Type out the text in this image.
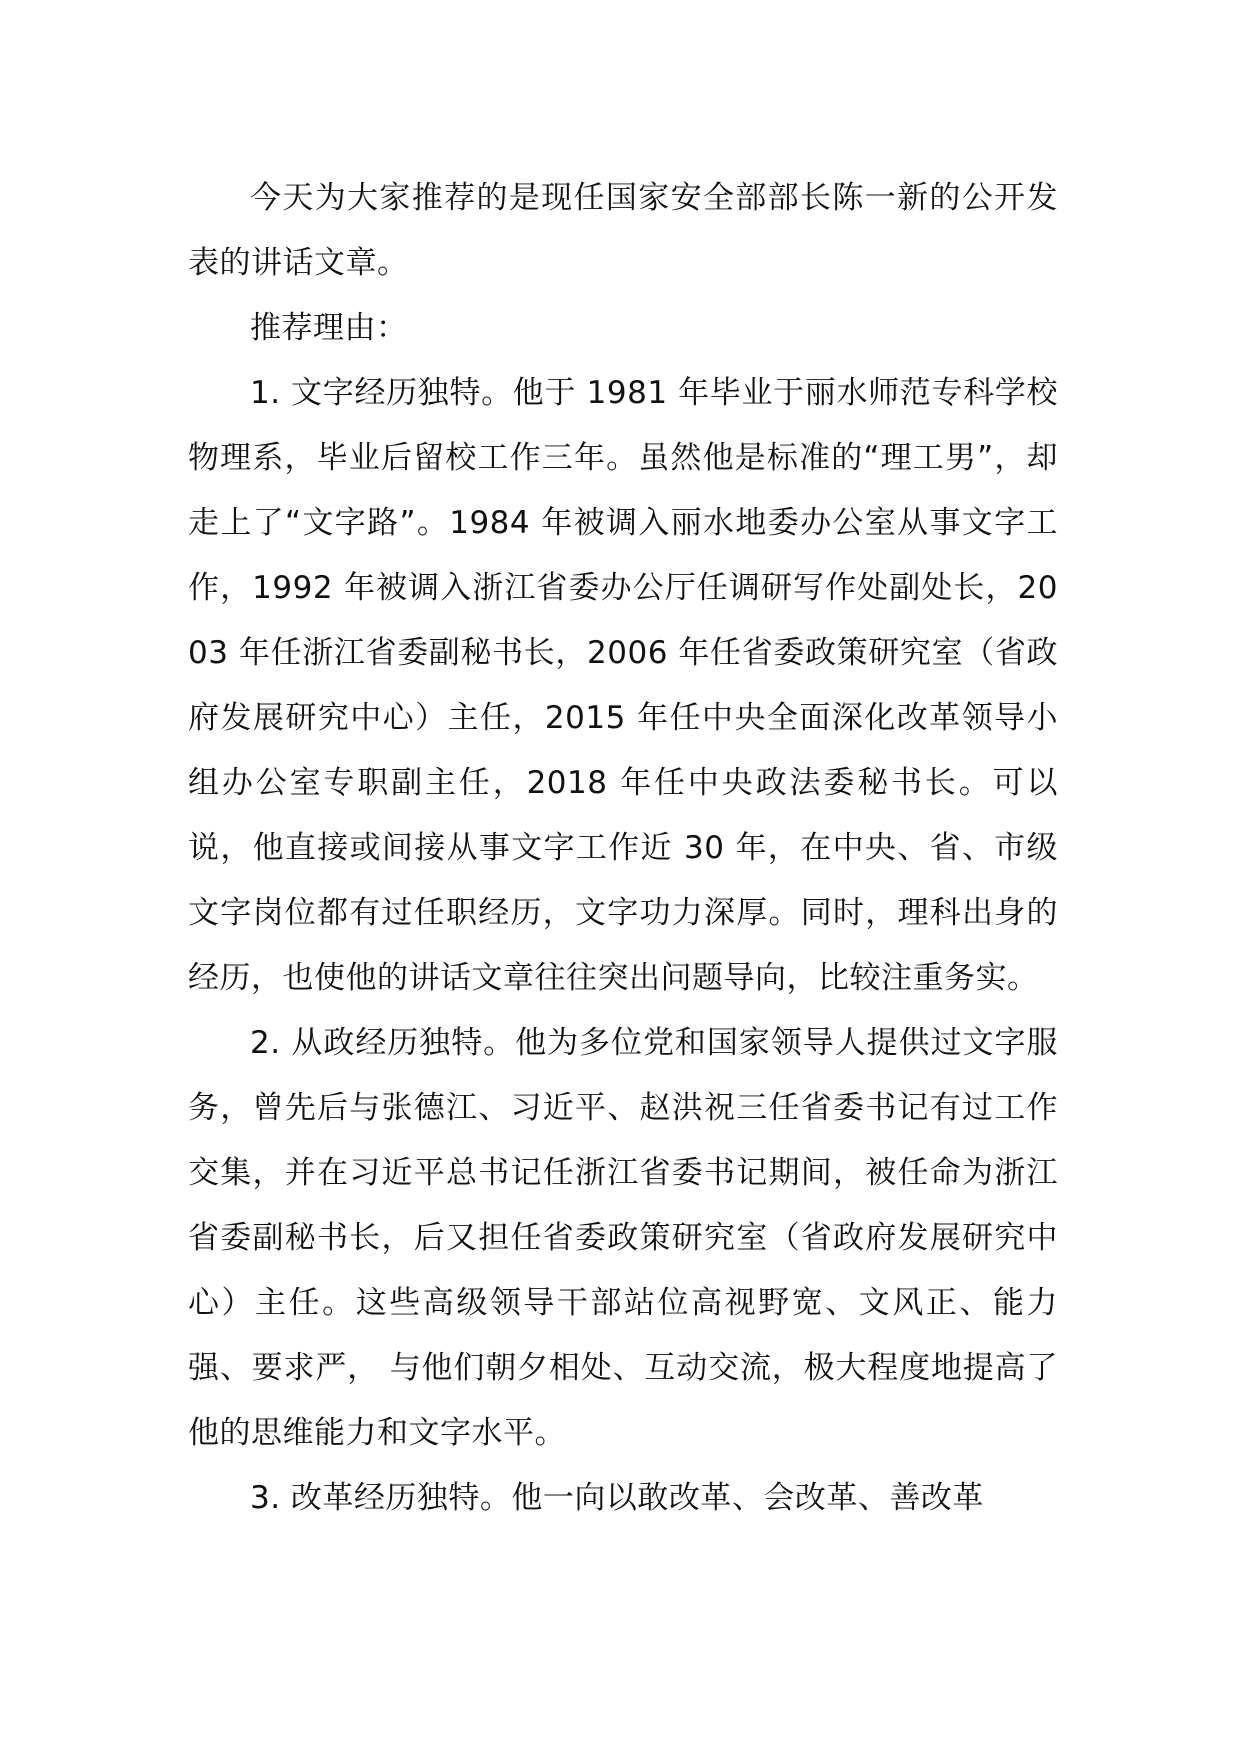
今天为大家推荐的是现任国家安全部部长陈一新的公开发表的讲话文章。

推荐理由：

1. 文字经历独特。他于 1981 年毕业于丽水师范专科学校物理系，毕业后留校工作三年。虽然他是标准的“理工男”，却走上了“文字路”。1984 年被调入丽水地委办公室从事文字工作，1992 年被调入浙江省委办公厅任调研写作处副处长，2003 年任浙江省委副秘书长，2006 年任省委政策研究室（省政府发展研究中心）主任，2015 年任中央全面深化改革领导小组办公室专职副主任，2018 年任中央政法委秘书长。可以说，他直接或间接从事文字工作近 30 年，在中央、省、市级文字岗位都有过任职经历，文字功力深厚。同时，理科出身的经历，也使他的讲话文章往往突出问题导向，比较注重务实。

2. 从政经历独特。他为多位党和国家领导人提供过文字服务，曾先后与张德江、习近平、赵洪祝三任省委书记有过工作交集，并在习近平总书记任浙江省委书记期间，被任命为浙江省委副秘书长，后又担任省委政策研究室（省政府发展研究中心）主任。这些高级领导干部站位高视野宽、文风正、能力强、要求严， 与他们朝夕相处、互动交流，极大程度地提高了他的思维能力和文字水平。

3. 改革经历独特。他一向以敢改革、会改革、善改革
